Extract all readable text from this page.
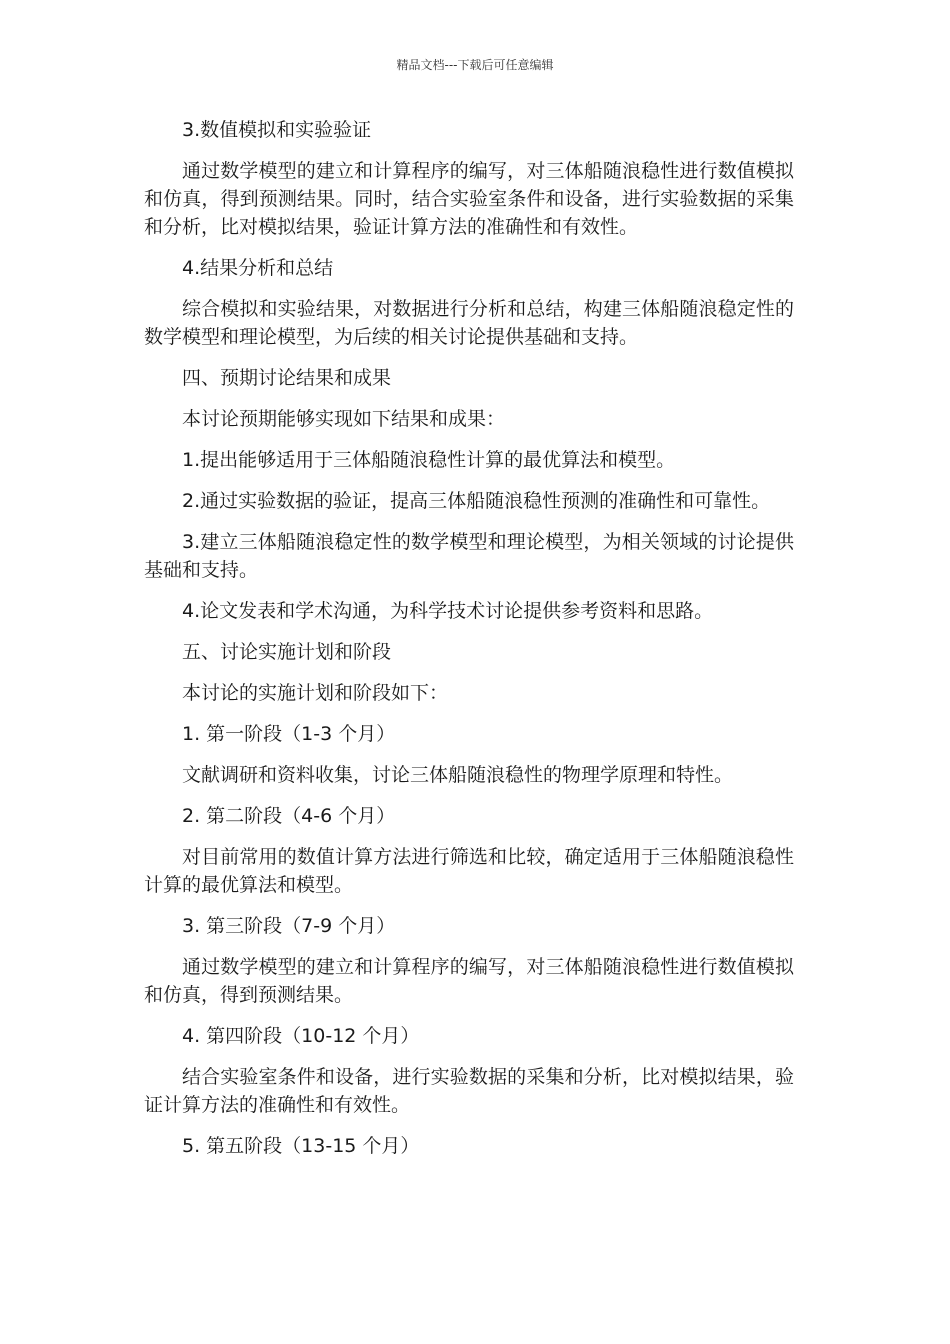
精品文档---下载后可任意编辑

3.数值模拟和实验验证

通过数学模型的建立和计算程序的编写，对三体船随浪稳性进行数值模拟和仿真，得到预测结果。同时，结合实验室条件和设备，进行实验数据的采集和分析，比对模拟结果，验证计算方法的准确性和有效性。

4.结果分析和总结

综合模拟和实验结果，对数据进行分析和总结，构建三体船随浪稳定性的数学模型和理论模型，为后续的相关讨论提供基础和支持。

四、预期讨论结果和成果

本讨论预期能够实现如下结果和成果：

1.提出能够适用于三体船随浪稳性计算的最优算法和模型。

2.通过实验数据的验证，提高三体船随浪稳性预测的准确性和可靠性。

3.建立三体船随浪稳定性的数学模型和理论模型，为相关领域的讨论提供基础和支持。

4.论文发表和学术沟通，为科学技术讨论提供参考资料和思路。

五、讨论实施计划和阶段

本讨论的实施计划和阶段如下：

1. 第一阶段（1-3 个月）

文献调研和资料收集，讨论三体船随浪稳性的物理学原理和特性。

2. 第二阶段（4-6 个月）

对目前常用的数值计算方法进行筛选和比较，确定适用于三体船随浪稳性计算的最优算法和模型。

3. 第三阶段（7-9 个月）

通过数学模型的建立和计算程序的编写，对三体船随浪稳性进行数值模拟和仿真，得到预测结果。

4. 第四阶段（10-12 个月）

结合实验室条件和设备，进行实验数据的采集和分析，比对模拟结果，验证计算方法的准确性和有效性。

5. 第五阶段（13-15 个月）
